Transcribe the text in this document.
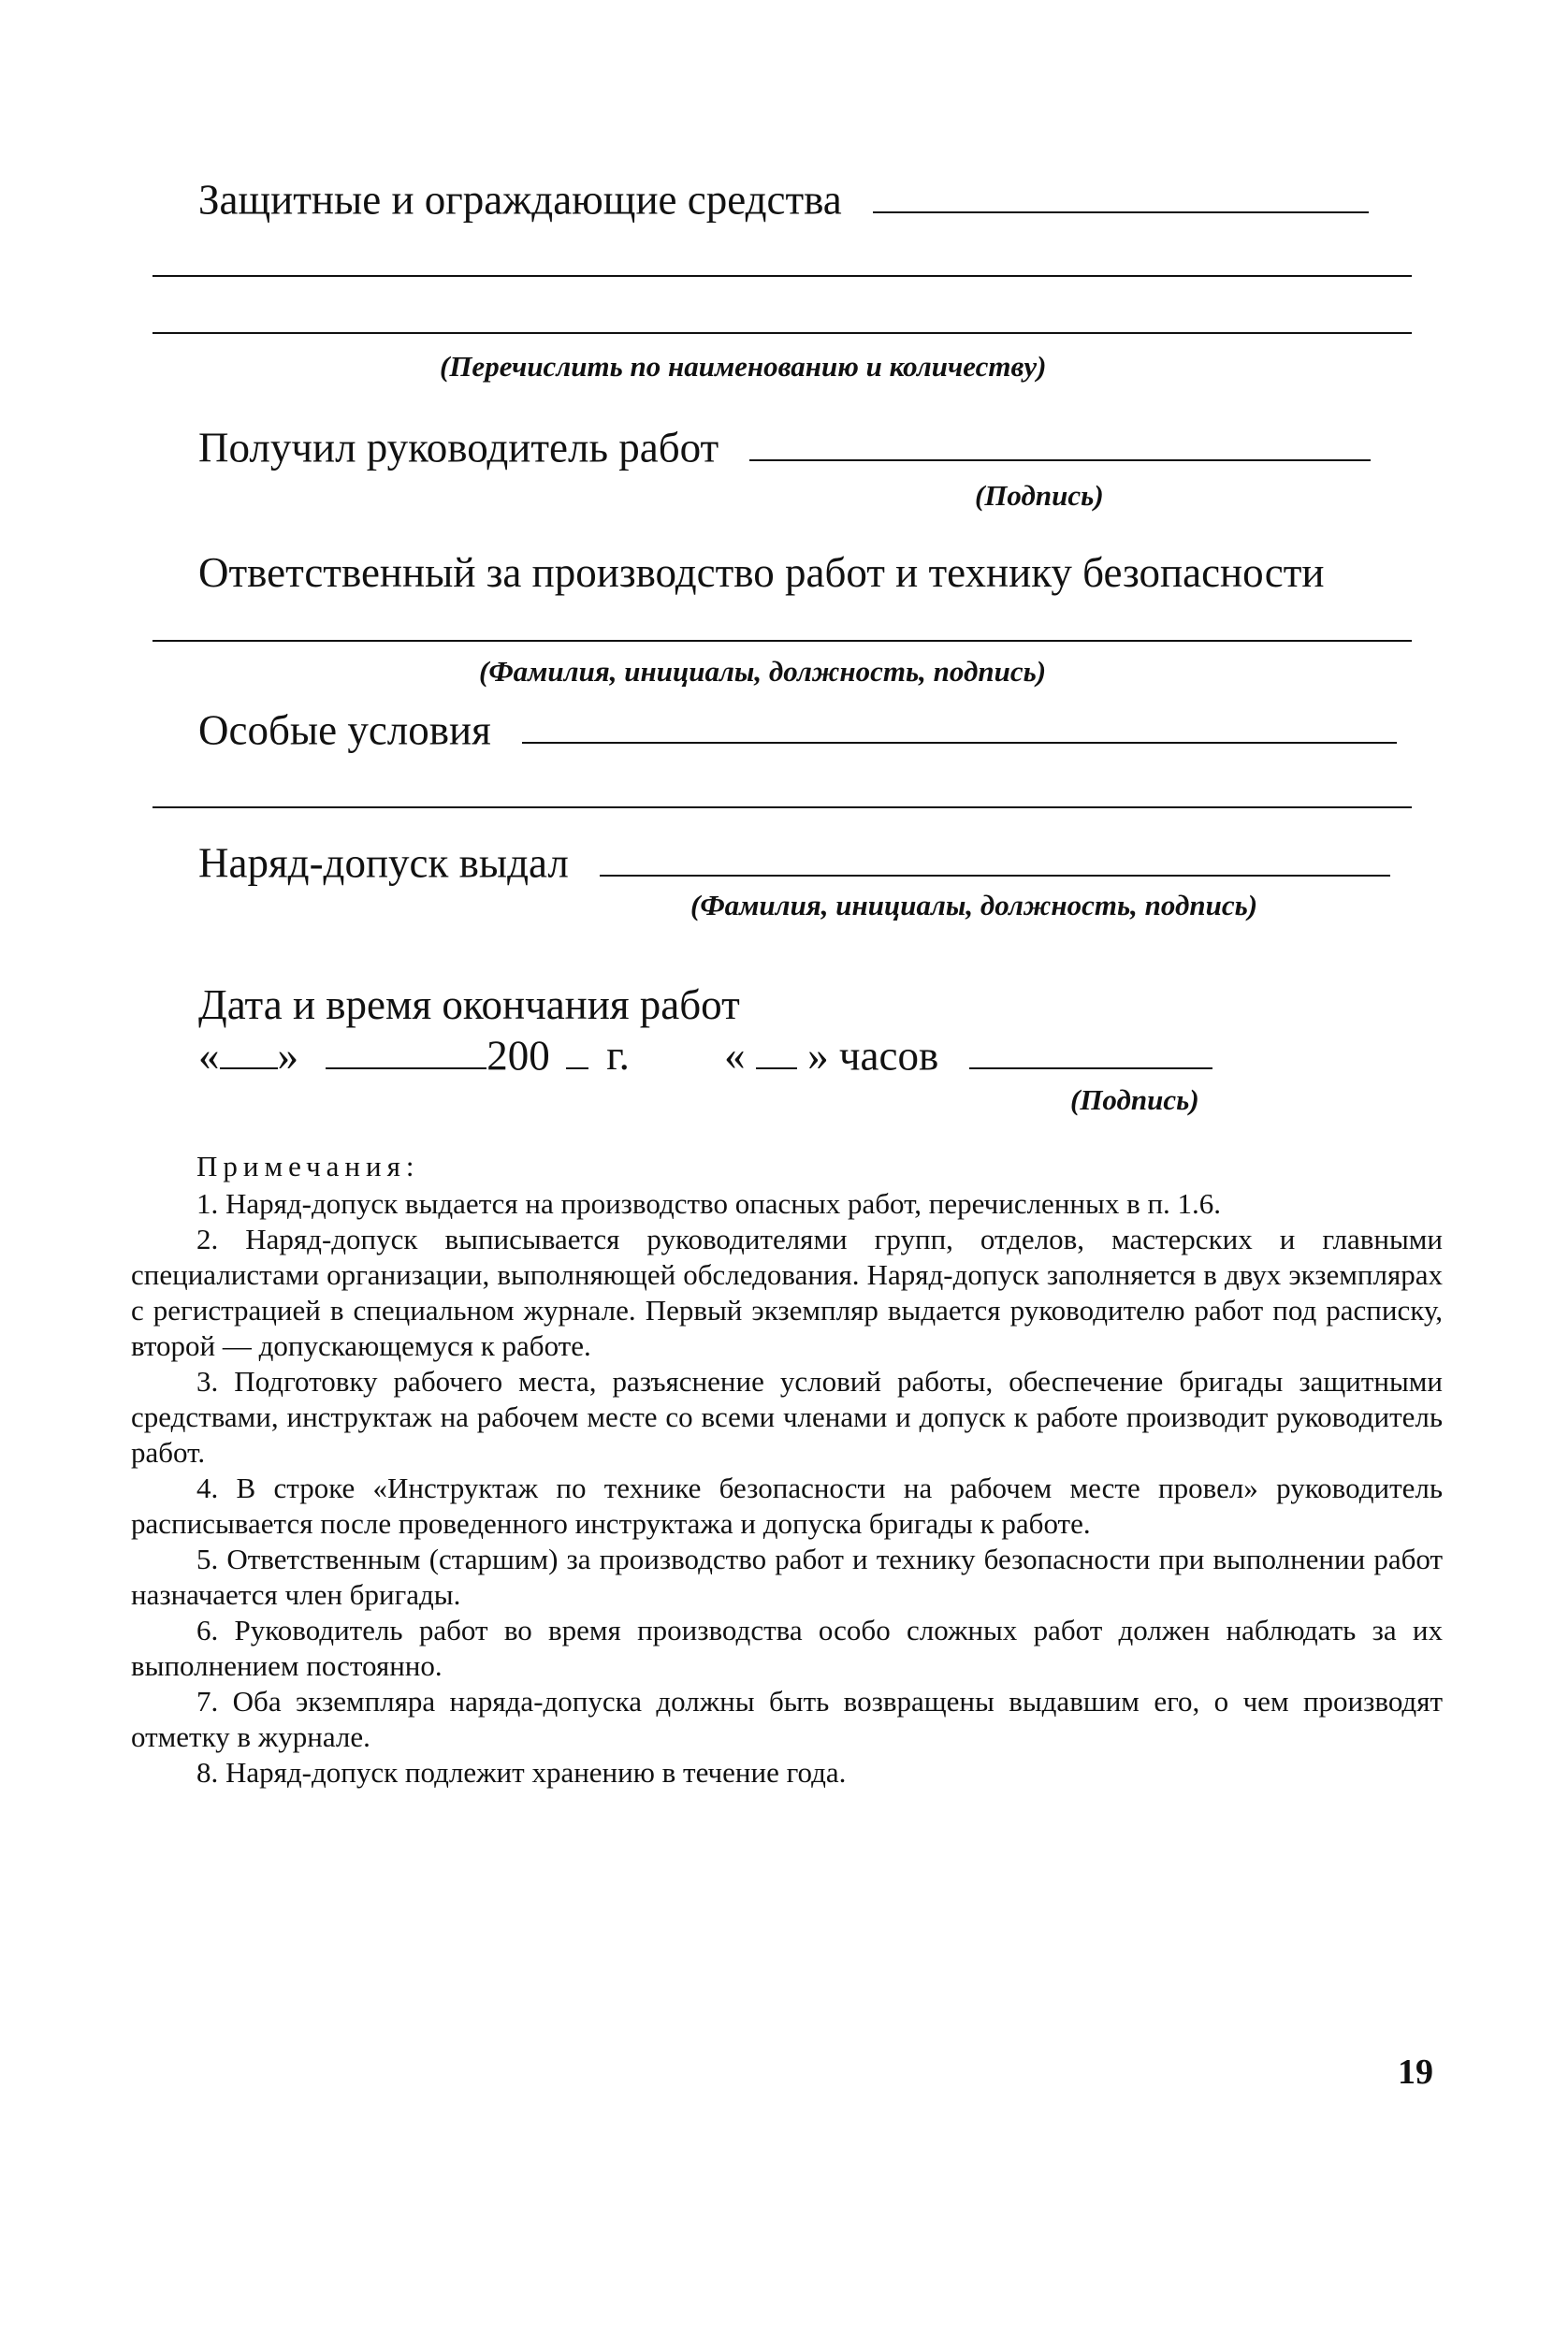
Защитные и ограждающие средства
(Перечислить по наименованию и количеству)
Получил руководитель работ
(Подпись)
Ответственный за производство работ и технику безопасности
(Фамилия, инициалы, должность, подпись)
Особые условия
Наряд-допуск выдал
(Фамилия, инициалы, должность, подпись)
Дата и время окончания работ
« »	200 г. « » часов
(Подпись)
Примечания:

1. Наряд-допуск выдается на производство опасных работ, перечисленных в п. 1.6.

2. Наряд-допуск выписывается руководителями групп, отделов, мастерских и главными специалистами организации, выполняющей обследования. Наряд-допуск заполняется в двух экземплярах с регистрацией в специальном журнале. Первый экземпляр выдается руководителю работ под расписку, второй — допускающемуся к работе.

3. Подготовку рабочего места, разъяснение условий работы, обеспечение бригады защитными средствами, инструктаж на рабочем месте со всеми членами и допуск к работе производит руководитель работ.

4. В строке «Инструктаж по технике безопасности на рабочем месте провел» руководитель расписывается после проведенного инструктажа и допуска бригады к работе.

5. Ответственным (старшим) за производство работ и технику безопасности при выполнении работ назначается член бригады.

6. Руководитель работ во время производства особо сложных работ должен наблюдать за их выполнением постоянно.

7. Оба экземпляра наряда-допуска должны быть возвращены выдавшим его, о чем производят отметку в журнале.

8. Наряд-допуск подлежит хранению в течение года.

19
